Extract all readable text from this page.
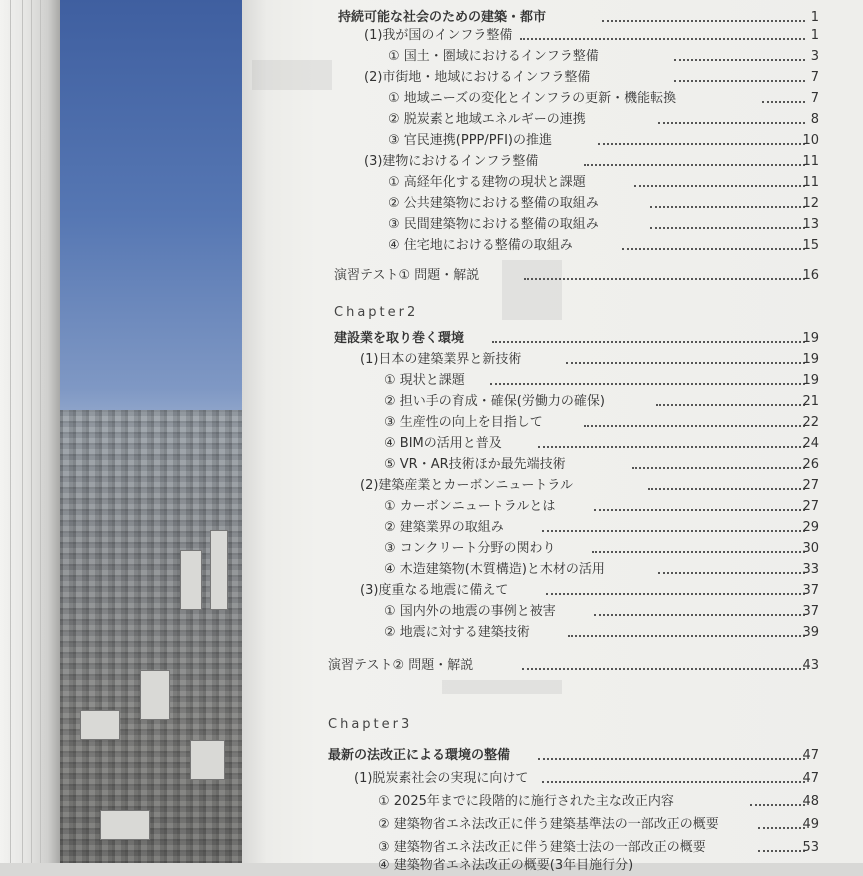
持続可能な社会のための建築・都市	1
(1)我が国のインフラ整備	1
① 国土・圏域におけるインフラ整備	3
(2)市街地・地域におけるインフラ整備	7
① 地域ニーズの変化とインフラの更新・機能転換	7
② 脱炭素と地域エネルギーの連携	8
③ 官民連携(PPP/PFI)の推進	10
(3)建物におけるインフラ整備	11
① 高経年化する建物の現状と課題	11
② 公共建築物における整備の取組み	12
③ 民間建築物における整備の取組み	13
④ 住宅地における整備の取組み	15
演習テスト① 問題・解説	16
Chapter2
建設業を取り巻く環境	19
(1)日本の建築業界と新技術	19
① 現状と課題	19
② 担い手の育成・確保(労働力の確保)	21
③ 生産性の向上を目指して	22
④ BIMの活用と普及	24
⑤ VR・AR技術ほか最先端技術	26
(2)建築産業とカーボンニュートラル	27
① カーボンニュートラルとは	27
② 建築業界の取組み	29
③ コンクリート分野の関わり	30
④ 木造建築物(木質構造)と木材の活用	33
(3)度重なる地震に備えて	37
① 国内外の地震の事例と被害	37
② 地震に対する建築技術	39
演習テスト② 問題・解説	43
Chapter3
最新の法改正による環境の整備	47
(1)脱炭素社会の実現に向けて	47
① 2025年までに段階的に施行された主な改正内容	48
② 建築物省エネ法改正に伴う建築基準法の一部改正の概要	49
③ 建築物省エネ法改正に伴う建築士法の一部改正の概要	53
④ 建築物省エネ法改正の概要(3年目施行分)
